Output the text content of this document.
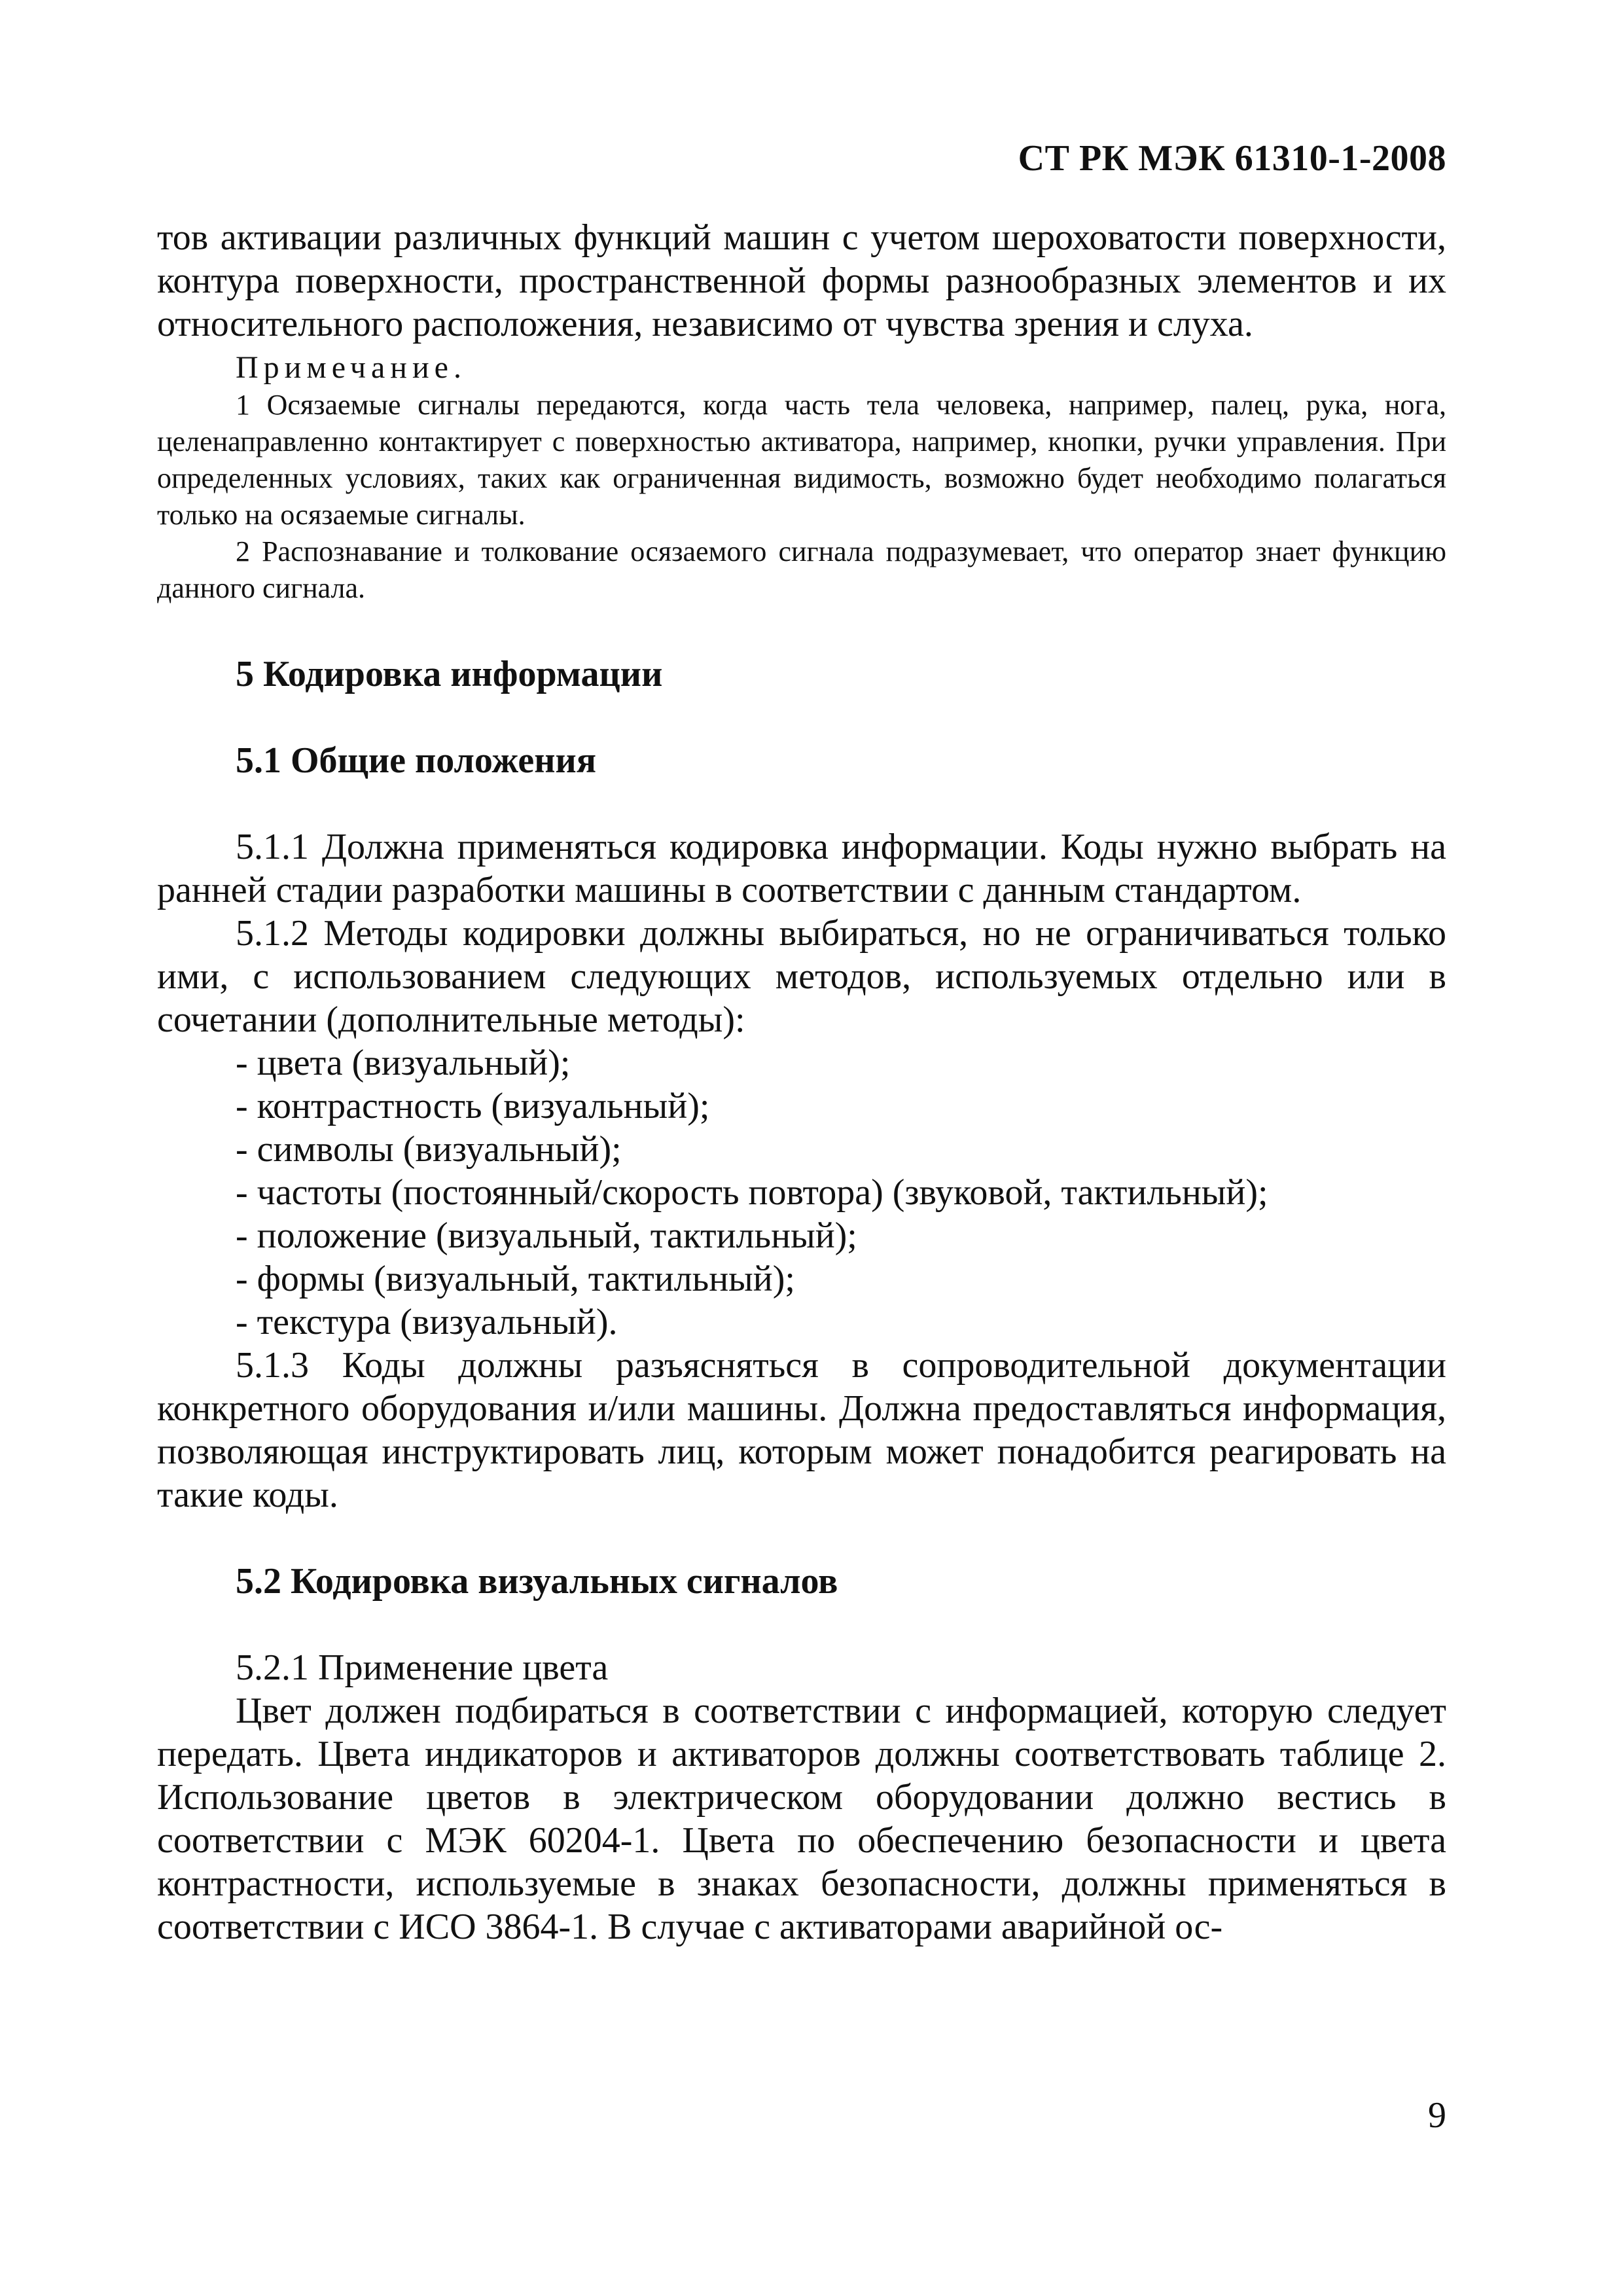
СТ РК МЭК 61310-1-2008

тов активации различных функций машин с учетом шероховатости поверхности, контура поверхности, пространственной формы разнообразных элементов и их относительного расположения, независимо от чувства зрения и слуха.

Примечание.

1 Осязаемые сигналы передаются, когда часть тела человека, например, палец, рука, нога, целенаправленно контактирует с поверхностью активатора, например, кнопки, ручки управления. При определенных условиях, таких как ограниченная видимость, возможно будет необходимо полагаться только на осязаемые сигналы.

2 Распознавание и толкование осязаемого сигнала подразумевает, что оператор знает функцию данного сигнала.

5 Кодировка информации

5.1 Общие положения

5.1.1 Должна применяться кодировка информации. Коды нужно выбрать на ранней стадии разработки машины в соответствии с данным стандартом.

5.1.2 Методы кодировки должны выбираться, но не ограничиваться только ими, с использованием следующих методов, используемых отдельно или в сочетании (дополнительные методы):

- цвета (визуальный);

- контрастность (визуальный);

- символы (визуальный);

- частоты (постоянный/скорость повтора) (звуковой, тактильный);

- положение (визуальный, тактильный);

- формы (визуальный, тактильный);

- текстура (визуальный).

5.1.3 Коды должны разъясняться в сопроводительной документации конкретного оборудования и/или машины. Должна предоставляться информация, позволяющая инструктировать лиц, которым может понадобится реагировать на такие коды.

5.2 Кодировка визуальных сигналов

5.2.1 Применение цвета

Цвет должен подбираться в соответствии с информацией, которую следует передать. Цвета индикаторов и активаторов должны соответствовать таблице 2. Использование цветов в электрическом оборудовании должно вестись в соответствии с МЭК 60204-1. Цвета по обеспечению безопасности и цвета контрастности, используемые в знаках безопасности, должны применяться в соответствии с ИСО 3864-1. В случае с активаторами аварийной ос-

9
